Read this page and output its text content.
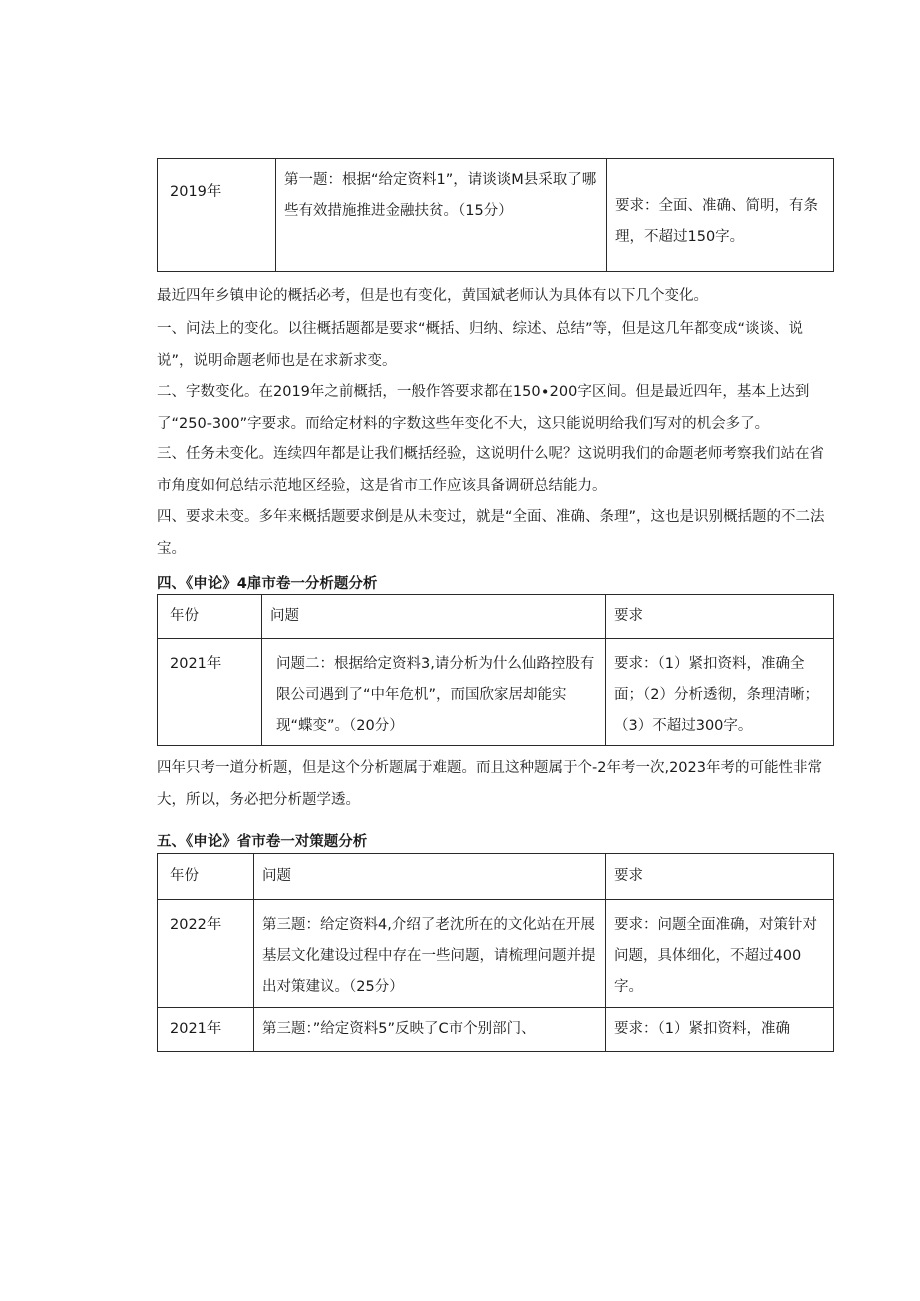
2019年	第一题：根据“给定资料1”，请谈谈M县采取了哪些有效措施推进金融扶贫。（15分）	要求：全面、准确、简明，有条理，不超过150字。

最近四年乡镇申论的概括必考，但是也有变化，黄国斌老师认为具体有以下几个变化。

一、问法上的变化。以往概括题都是要求“概括、归纳、综述、总结”等，但是这几年都变成“谈谈、说说”，说明命题老师也是在求新求变。

二、字数变化。在2019年之前概括，一般作答要求都在150∙200字区间。但是最近四年，基本上达到了“250-300”字要求。而给定材料的字数这些年变化不大，这只能说明给我们写对的机会多了。

三、任务未变化。连续四年都是让我们概括经验，这说明什么呢？这说明我们的命题老师考察我们站在省市角度如何总结示范地区经验，这是省市工作应该具备调研总结能力。

四、要求未变。多年来概括题要求倒是从未变过，就是“全面、准确、条理”，这也是识别概括题的不二法宝。

四、《申论》4扉市卷一分析题分析
年份	问题	要求
2021年	问题二：根据给定资料3,请分析为什么仙路控股有限公司遇到了“中年危机”，而国欣家居却能实现“蝶变”。（20分）	要求：（1）紧扣资料，准确全面；（2）分析透彻，条理清晰；（3）不超过300字。

四年只考一道分析题，但是这个分析题属于难题。而且这种题属于个-2年考一次,2023年考的可能性非常大，所以，务必把分析题学透。

五、《申论》省市卷一对策题分析
年份	问题	要求
2022年	第三题：给定资料4,介绍了老沈所在的文化站在开展基层文化建设过程中存在一些问题，请梳理问题并提出对策建议。（25分）	要求：问题全面准确，对策针对问题，具体细化，不超过400字。
2021年	第三题：”给定资料5”反映了C市个别部门、	要求：（1）紧扣资料，准确
